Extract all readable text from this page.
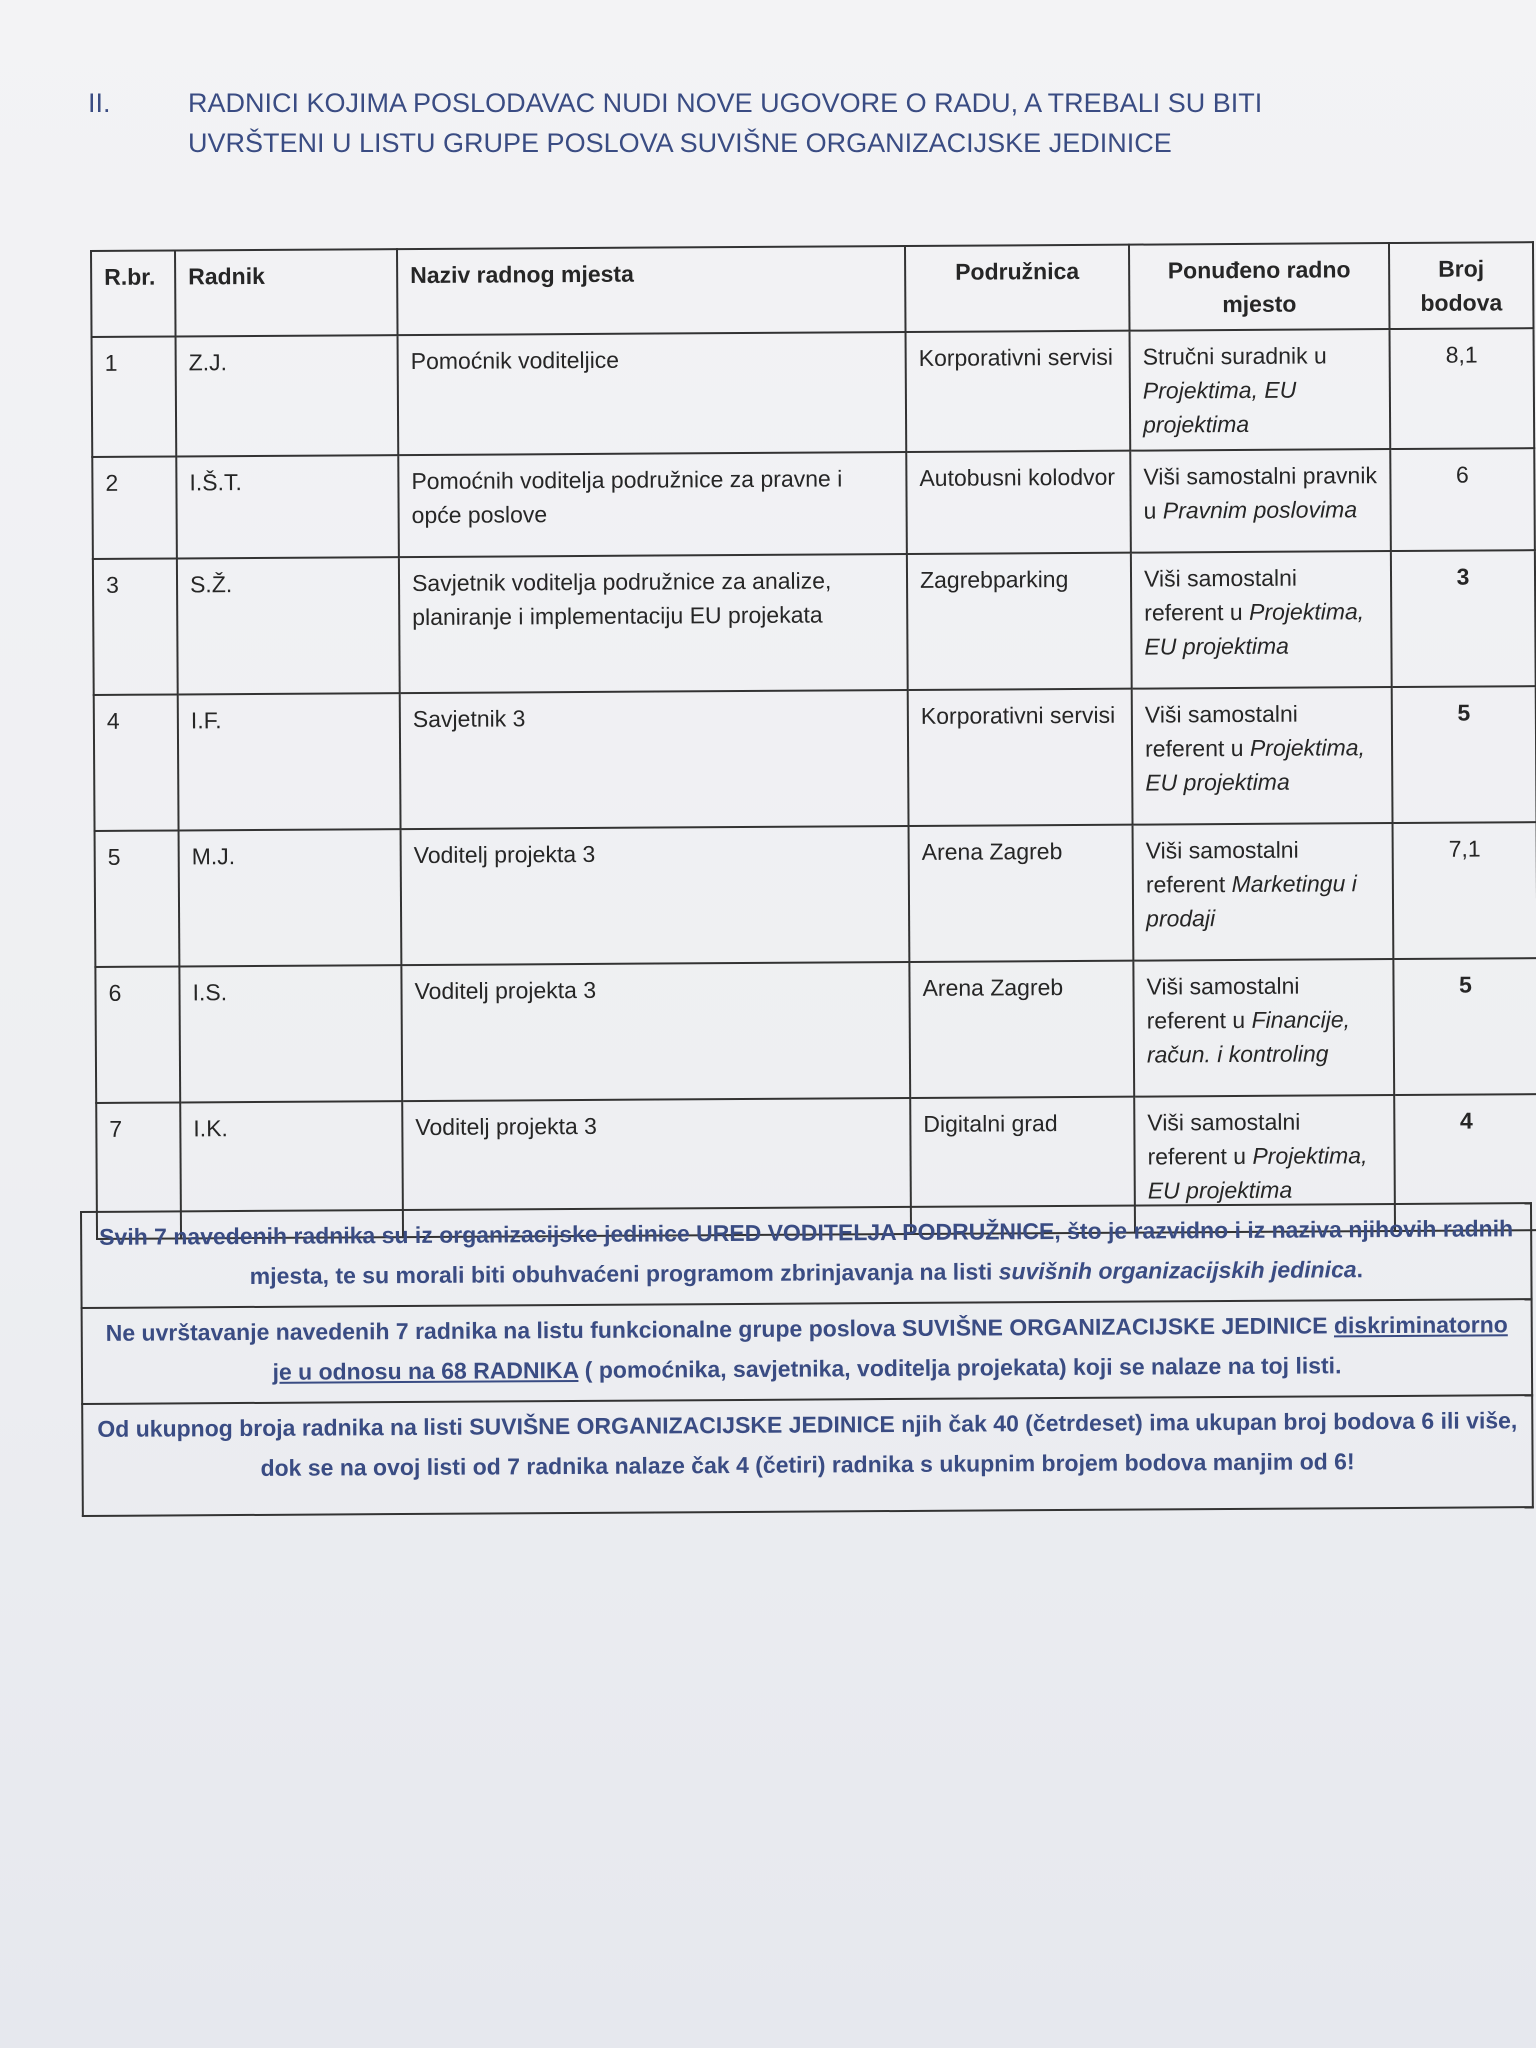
II.	RADNICI KOJIMA POSLODAVAC NUDI NOVE UGOVORE O RADU, A TREBALI SU BITI
UVRŠTENI U LISTU GRUPE POSLOVA SUVIŠNE ORGANIZACIJSKE JEDINICE
R.br.	Radnik	Naziv radnog mjesta	Podružnica	Ponuđeno radno mjesto	Broj bodova
1	Z.J.	Pomoćnik voditeljice	Korporativni servisi	Stručni suradnik u Projektima, EU projektima	8,1
2	I.Š.T.	Pomoćnih voditelja podružnice za pravne i opće poslove	Autobusni kolodvor	Viši samostalni pravnik u Pravnim poslovima	6
3	S.Ž.	Savjetnik voditelja podružnice za analize, planiranje i implementaciju EU projekata	Zagrebparking	Viši samostalni referent u Projektima, EU projektima	3
4	I.F.	Savjetnik 3	Korporativni servisi	Viši samostalni referent u Projektima, EU projektima	5
5	M.J.	Voditelj projekta 3	Arena Zagreb	Viši samostalni referent Marketingu i prodaji	7,1
6	I.S.	Voditelj projekta 3	Arena Zagreb	Viši samostalni referent u Financije, račun. i kontroling	5
7	I.K.	Voditelj projekta 3	Digitalni grad	Viši samostalni referent u Projektima, EU projektima	4
Svih 7 navedenih radnika su iz organizacijske jedinice URED VODITELJA PODRUŽNICE, što je razvidno i iz naziva njihovih radnih mjesta, te su morali biti obuhvaćeni programom zbrinjavanja na listi suvišnih organizacijskih jedinica.
Ne uvrštavanje navedenih 7 radnika na listu funkcionalne grupe poslova SUVIŠNE ORGANIZACIJSKE JEDINICE diskriminatorno je u odnosu na 68 RADNIKA ( pomoćnika, savjetnika, voditelja projekata) koji se nalaze na toj listi.
Od ukupnog broja radnika na listi SUVIŠNE ORGANIZACIJSKE JEDINICE njih čak 40 (četrdeset) ima ukupan broj bodova 6 ili više, dok se na ovoj listi od 7 radnika nalaze čak 4 (četiri) radnika s ukupnim brojem bodova manjim od 6!
